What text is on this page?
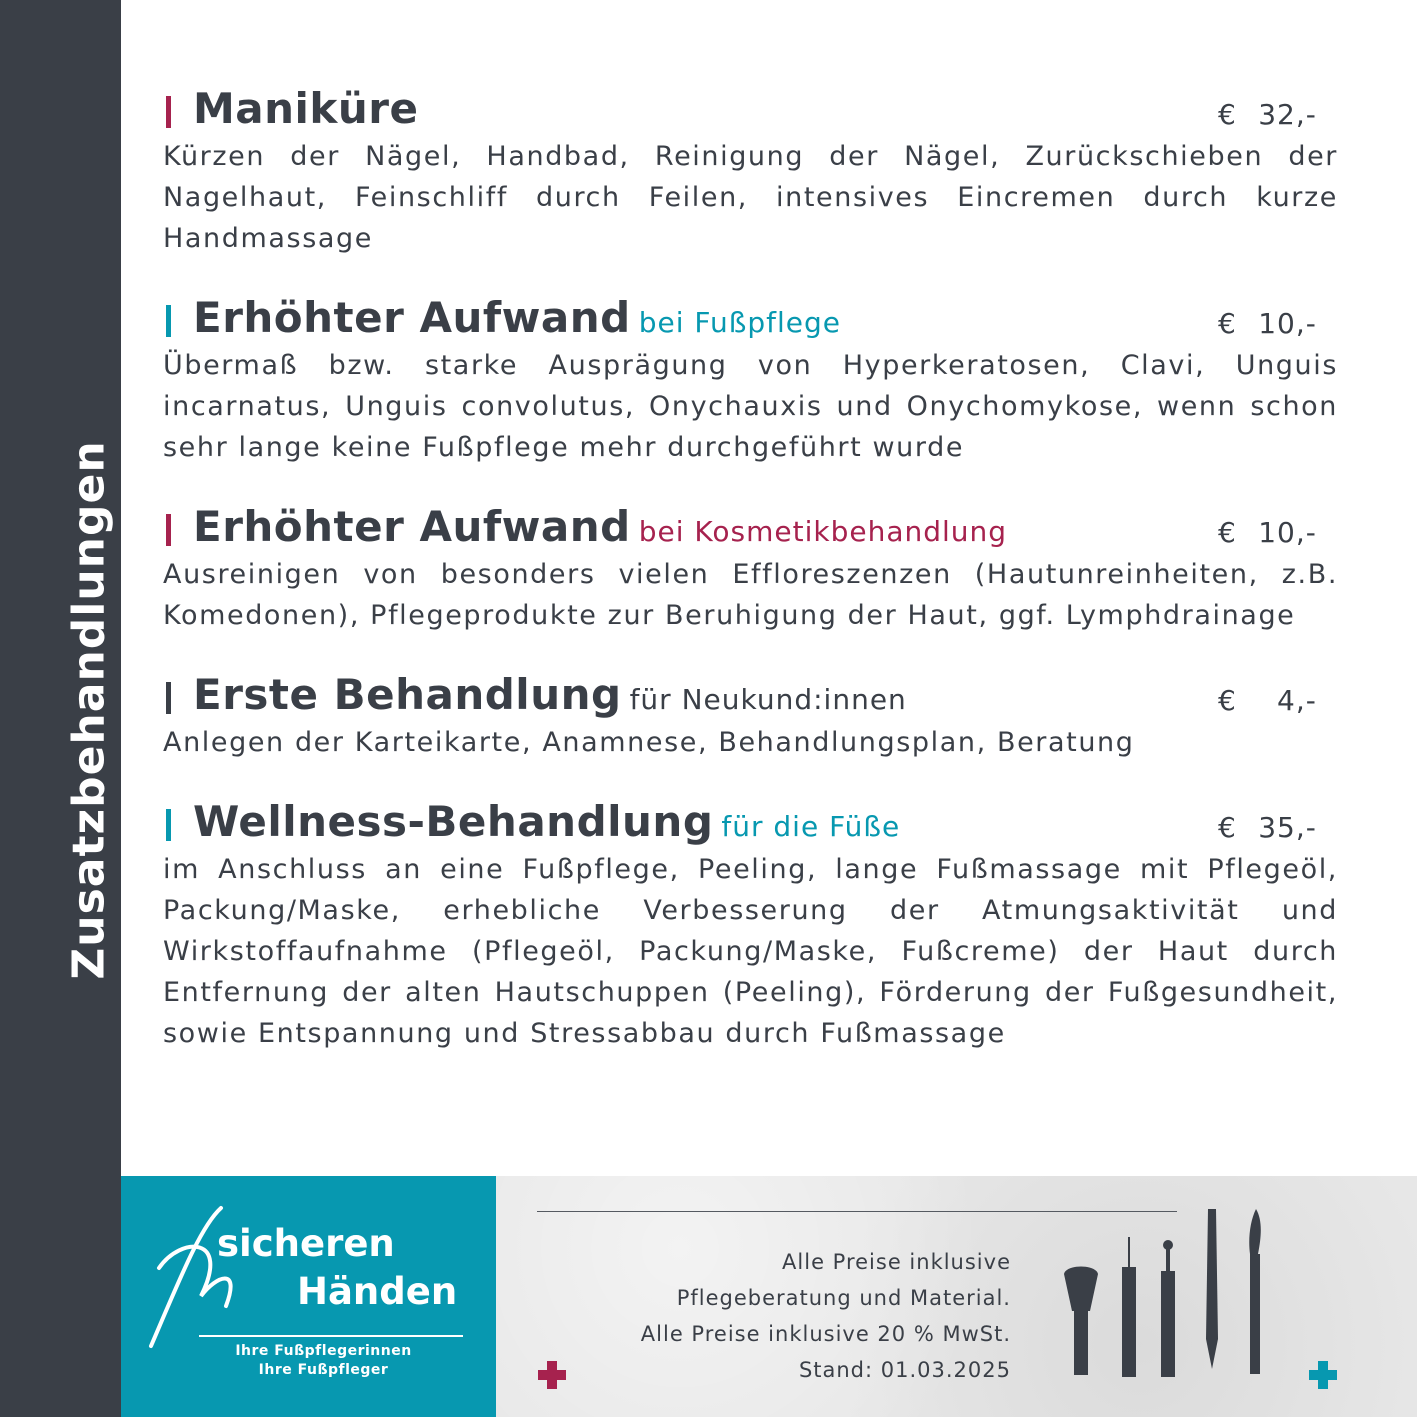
Zusatzbehandlungen
Maniküre	€ 32,-

Kürzen der Nägel, Handbad, Reinigung der Nägel, Zurückschieben der Nagelhaut, Feinschliff durch Feilen, intensives Eincremen durch kurze Handmassage

Erhöhter Aufwand bei Fußpflege	€ 10,-

Übermaß bzw. starke Ausprägung von Hyperkeratosen, Clavi, Unguis incarnatus, Unguis convolutus, Onychauxis und Onychomykose, wenn schon sehr lange keine Fußpflege mehr durchgeführt wurde

Erhöhter Aufwand bei Kosmetikbehandlung	€ 10,-

Ausreinigen von besonders vielen Effloreszenzen (Hautunreinheiten, z.B. Komedonen), Pflegeprodukte zur Beruhigung der Haut, ggf. Lymphdrainage

Erste Behandlung für Neukund:innen	€ 4,-

Anlegen der Karteikarte, Anamnese, Behandlungsplan, Beratung

Wellness-Behandlung für die Füße	€ 35,-

im Anschluss an eine Fußpflege, Peeling, lange Fußmassage mit Pflegeöl, Packung/Maske, erhebliche Verbesserung der Atmungsaktivität und Wirkstoffaufnahme (Pflegeöl, Packung/Maske, Fußcreme) der Haut durch Entfernung der alten Hautschuppen (Peeling), Förderung der Fußgesundheit, sowie Entspannung und Stressabbau durch Fußmassage

sicheren
Händen
Ihre Fußpflegerinnen
Ihre Fußpfleger
Alle Preise inklusive
Pflegeberatung und Material.
Alle Preise inklusive 20 % MwSt.
Stand: 01.03.2025
